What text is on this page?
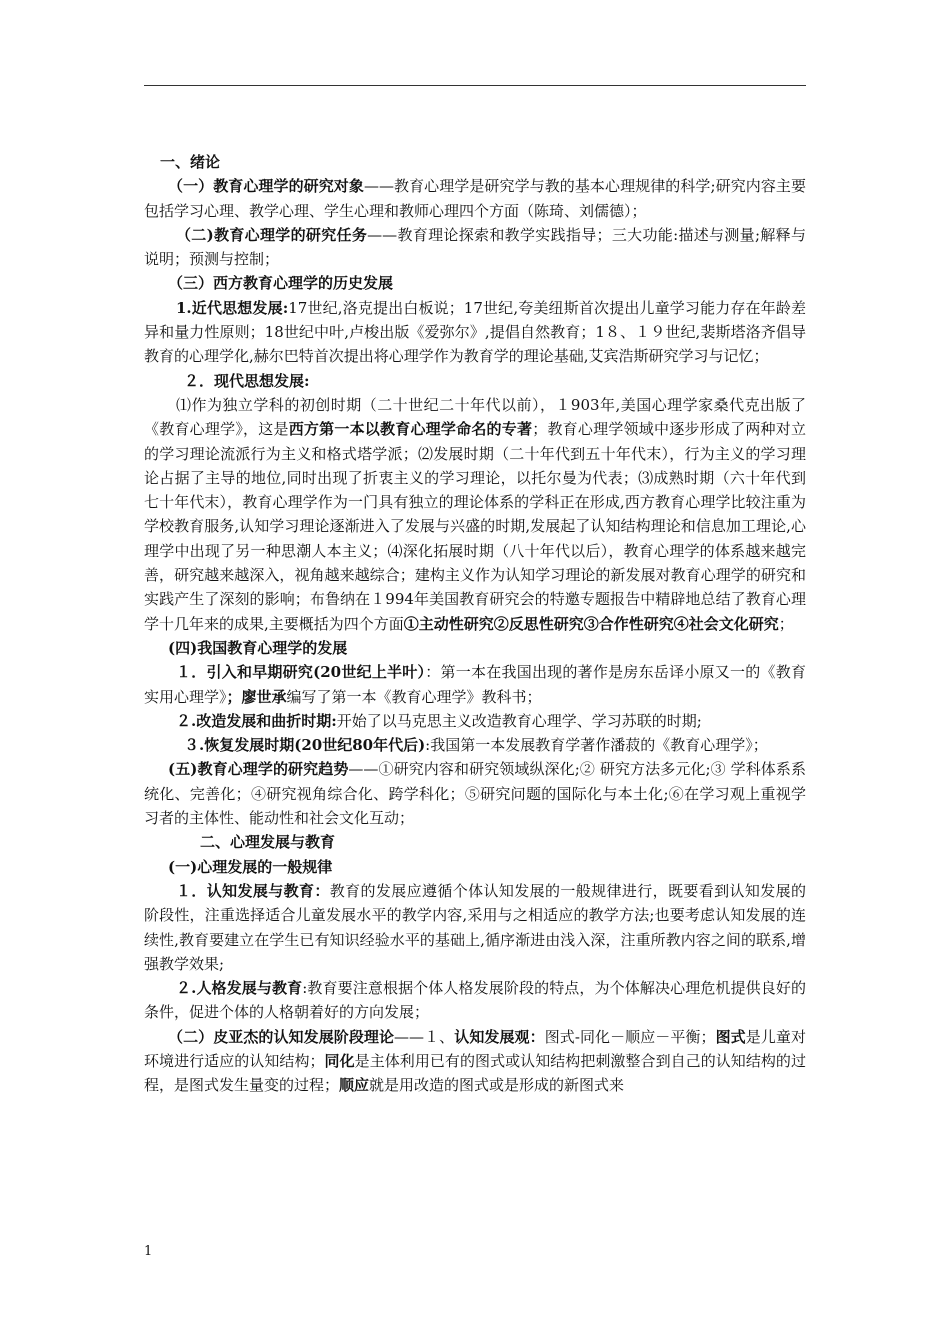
一、绪论

（一）教育心理学的研究对象——教育心理学是研究学与教的基本心理规律的科学;研究内容主要包括学习心理、教学心理、学生心理和教师心理四个方面（陈琦、刘儒德）；

（二)教育心理学的研究任务——教育理论探索和教学实践指导；三大功能:描述与测量;解释与说明；预测与控制；

（三）西方教育心理学的历史发展

1.近代思想发展:17世纪,洛克提出白板说；17世纪,夸美纽斯首次提出儿童学习能力存在年龄差异和量力性原则；18世纪中叶,卢梭出版《爱弥尔》,提倡自然教育；1８、１９世纪,裴斯塔洛齐倡导教育的心理学化,赫尔巴特首次提出将心理学作为教育学的理论基础,艾宾浩斯研究学习与记忆；

２．现代思想发展:

⑴作为独立学科的初创时期（二十世纪二十年代以前），１903年,美国心理学家桑代克出版了《教育心理学》，这是西方第一本以教育心理学命名的专著；教育心理学领域中逐步形成了两种对立的学习理论流派行为主义和格式塔学派；⑵发展时期（二十年代到五十年代末），行为主义的学习理论占据了主导的地位,同时出现了折衷主义的学习理论，以托尔曼为代表；⑶成熟时期（六十年代到七十年代末），教育心理学作为一门具有独立的理论体系的学科正在形成,西方教育心理学比较注重为学校教育服务,认知学习理论逐渐进入了发展与兴盛的时期,发展起了认知结构理论和信息加工理论,心理学中出现了另一种思潮人本主义；⑷深化拓展时期（八十年代以后），教育心理学的体系越来越完善，研究越来越深入，视角越来越综合；建构主义作为认知学习理论的新发展对教育心理学的研究和实践产生了深刻的影响；布鲁纳在１994年美国教育研究会的特邀专题报告中精辟地总结了教育心理学十几年来的成果,主要概括为四个方面①主动性研究②反思性研究③合作性研究④社会文化研究；

(四)我国教育心理学的发展

１．引入和早期研究(20世纪上半叶）：第一本在我国出现的著作是房东岳译小原又一的《教育实用心理学》；廖世承编写了第一本《教育心理学》教科书；

２.改造发展和曲折时期:开始了以马克思主义改造教育心理学、学习苏联的时期;

３.恢复发展时期(20世纪80年代后):我国第一本发展教育学著作潘菽的《教育心理学》；

(五)教育心理学的研究趋势——①研究内容和研究领域纵深化;② 研究方法多元化;③ 学科体系系统化、完善化；④研究视角综合化、跨学科化；⑤研究问题的国际化与本土化;⑥在学习观上重视学习者的主体性、能动性和社会文化互动；

二、心理发展与教育

(一)心理发展的一般规律

１．认知发展与教育：教育的发展应遵循个体认知发展的一般规律进行，既要看到认知发展的阶段性，注重选择适合儿童发展水平的教学内容,采用与之相适应的教学方法;也要考虑认知发展的连续性,教育要建立在学生已有知识经验水平的基础上,循序渐进由浅入深，注重所教内容之间的联系,增强教学效果;

２.人格发展与教育:教育要注意根据个体人格发展阶段的特点，为个体解决心理危机提供良好的条件，促进个体的人格朝着好的方向发展；

（二）皮亚杰的认知发展阶段理论——１、认知发展观：图式-同化－顺应－平衡；图式是儿童对环境进行适应的认知结构；同化是主体利用已有的图式或认知结构把刺激整合到自己的认知结构的过程，是图式发生量变的过程；顺应就是用改造的图式或是形成的新图式来

1
